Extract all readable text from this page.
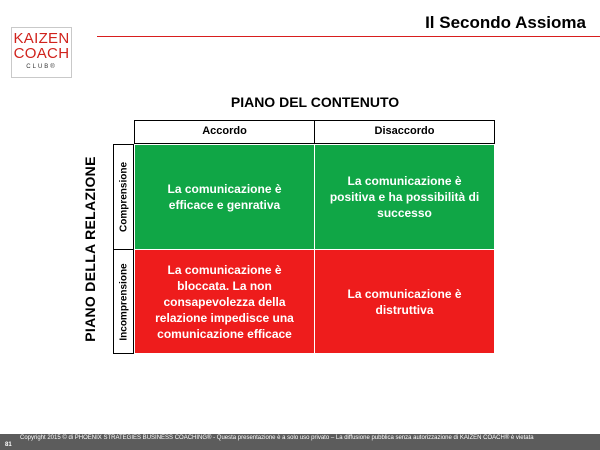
KAIZEN
COACH
CLUB®
Il Secondo Assioma
PIANO DEL CONTENUTO
Accordo	Disaccordo
PIANO DELLA RELAZIONE Comprensione
Incomprensione
La comunicazione è efficace e genrativa
La comunicazione è positiva e ha possibilità di successo
La comunicazione è bloccata. La non consapevolezza della relazione impedisce una comunicazione efficace
La comunicazione è distruttiva
Copyright 2015 © di PHOENIX STRATEGIES BUSINESS COACHING® - Questa presentazione è a solo uso privato – La diffusione pubblica senza autorizzazione di KAIZEN COACH® è vietata
81
